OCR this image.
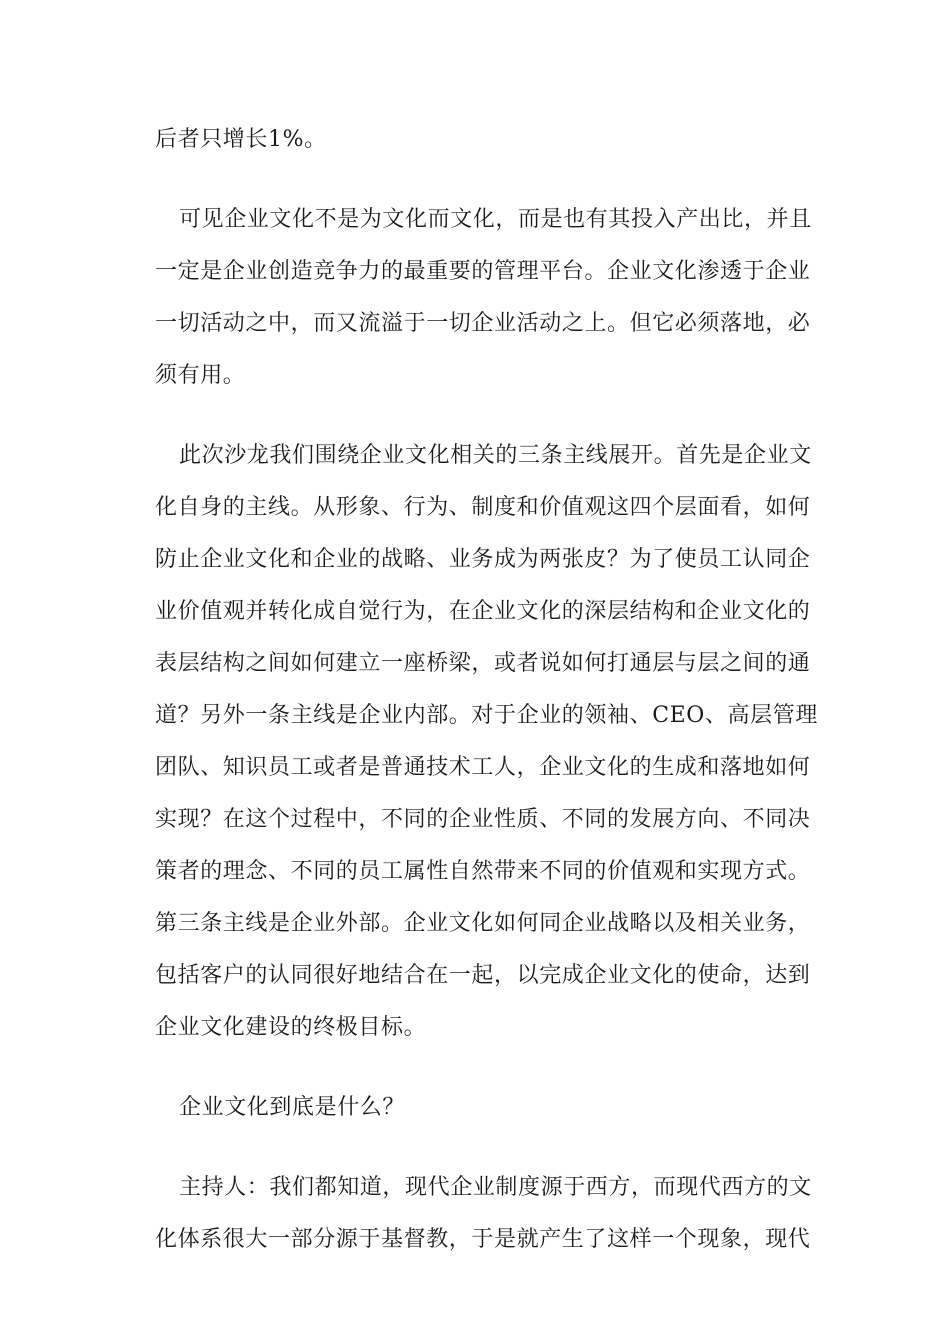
后者只增长1%。

可见企业文化不是为文化而文化，而是也有其投入产出比，并且
一定是企业创造竞争力的最重要的管理平台。企业文化渗透于企业
一切活动之中，而又流溢于一切企业活动之上。但它必须落地，必
须有用。

此次沙龙我们围绕企业文化相关的三条主线展开。首先是企业文
化自身的主线。从形象、行为、制度和价值观这四个层面看，如何
防止企业文化和企业的战略、业务成为两张皮？为了使员工认同企
业价值观并转化成自觉行为，在企业文化的深层结构和企业文化的
表层结构之间如何建立一座桥梁，或者说如何打通层与层之间的通
道？另外一条主线是企业内部。对于企业的领袖、CEO、高层管理
团队、知识员工或者是普通技术工人，企业文化的生成和落地如何
实现？在这个过程中，不同的企业性质、不同的发展方向、不同决
策者的理念、不同的员工属性自然带来不同的价值观和实现方式。
第三条主线是企业外部。企业文化如何同企业战略以及相关业务，
包括客户的认同很好地结合在一起，以完成企业文化的使命，达到
企业文化建设的终极目标。

企业文化到底是什么？

主持人：我们都知道，现代企业制度源于西方，而现代西方的文
化体系很大一部分源于基督教，于是就产生了这样一个现象，现代
